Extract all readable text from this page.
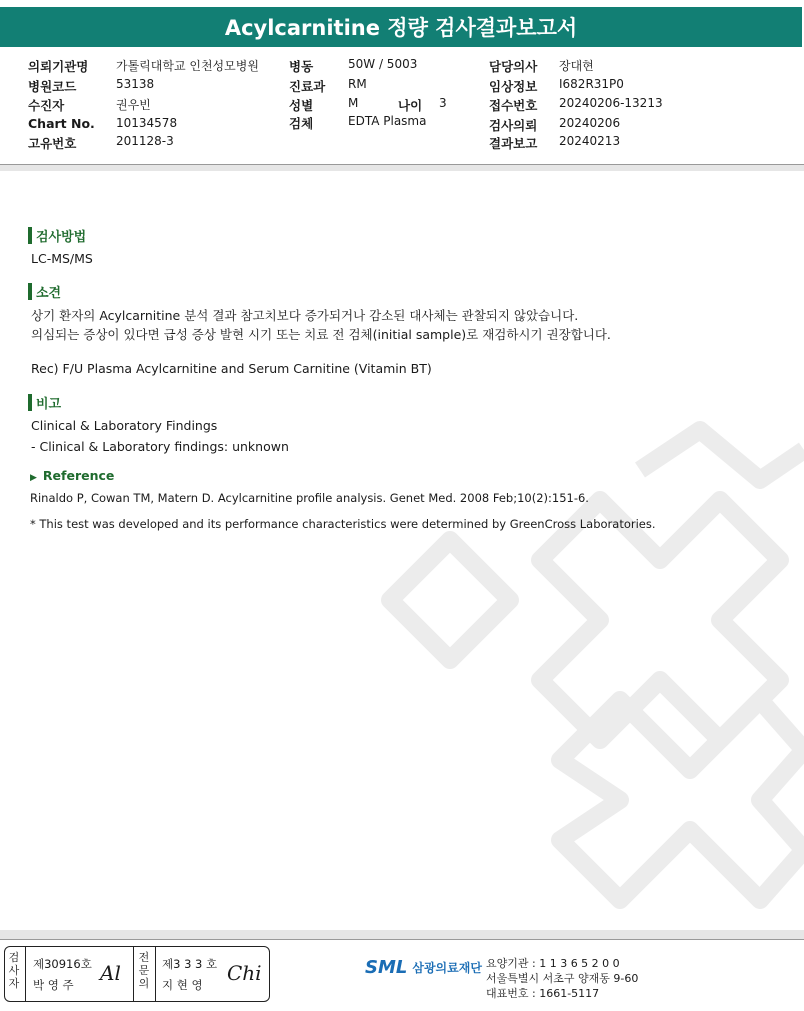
Acylcarnitine 정량 검사결과보고서
의뢰기관명 가톨릭대학교 인천성모병원
병원코드	53138
수진자	권우빈
Chart No. 10134578
고유번호	201128-3
병동	50W / 5003
진료과 RM
성별	M	나이 3
검체	EDTA Plasma
담당의사 장대현
임상정보 I682R31P0
접수번호 20240206-13213
검사의뢰 20240206
결과보고 20240213
검사방법
LC-MS/MS
소견
상기 환자의 Acylcarnitine 분석 결과 참고치보다 증가되거나 감소된 대사체는 관찰되지 않았습니다.
의심되는 증상이 있다면 급성 증상 발현 시기 또는 치료 전 검체(initial sample)로 재검하시기 권장합니다.
Rec) F/U Plasma Acylcarnitine and Serum Carnitine (Vitamin BT)
비고
Clinical & Laboratory Findings
- Clinical & Laboratory findings: unknown
▶ Reference
Rinaldo P, Cowan TM, Matern D. Acylcarnitine profile analysis. Genet Med. 2008 Feb;10(2):151-6.
* This test was developed and its performance characteristics were determined by GreenCross Laboratories.
검사자
제30916호
박 영 주 Al
전문의
제3 3 3 호
지 현 영 Chi	SML 삼광의료재단 요양기관 : 1 1 3 6 5 2 0 0
서울특별시 서초구 양재동 9-60
대표번호 : 1661-5117
